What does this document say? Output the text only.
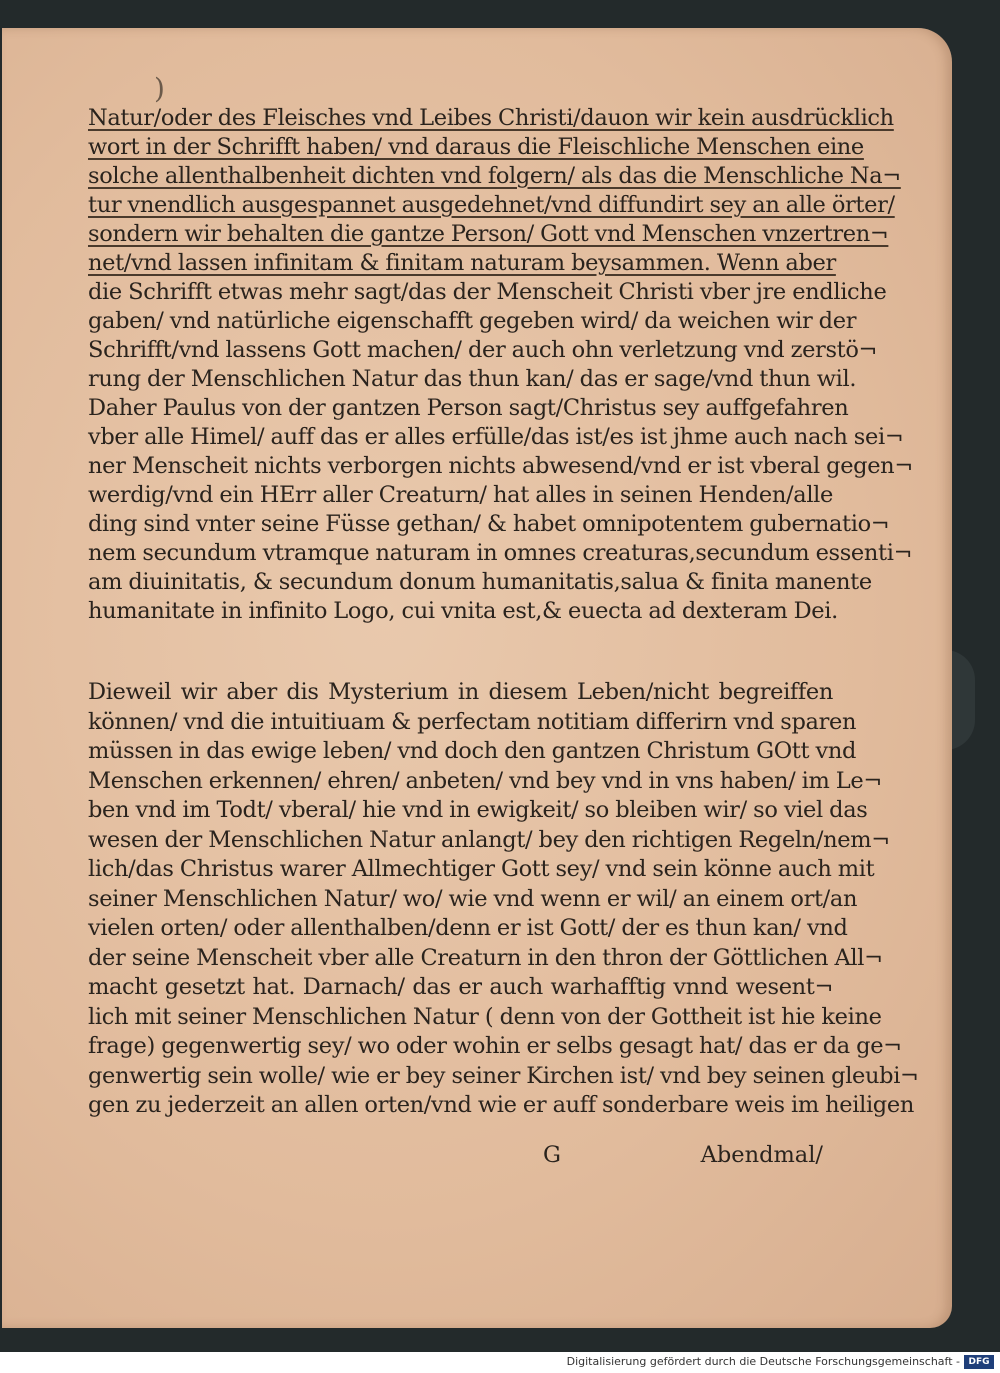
)
Natur/oder des Fleisches vnd Leibes Christi/dauon wir kein ausdrücklich
wort in der Schrifft haben/ vnd daraus die Fleischliche Menschen eine
solche allenthalbenheit dichten vnd folgern/ als das die Menschliche Na¬
tur vnendlich ausgespannet ausgedehnet/vnd diffundirt sey an alle örter/
sondern wir behalten die gantze Person/ Gott vnd Menschen vnzertren¬
net/vnd lassen infinitam & finitam naturam beysammen. Wenn aber
die Schrifft etwas mehr sagt/das der Menscheit Christi vber jre endliche
gaben/ vnd natürliche eigenschafft gegeben wird/ da weichen wir der
Schrifft/vnd lassens Gott machen/ der auch ohn verletzung vnd zerstö¬
rung der Menschlichen Natur das thun kan/ das er sage/vnd thun wil.
Daher Paulus von der gantzen Person sagt/Christus sey auffgefahren
vber alle Himel/ auff das er alles erfülle/das ist/es ist jhme auch nach sei¬
ner Menscheit nichts verborgen nichts abwesend/vnd er ist vberal gegen¬
werdig/vnd ein HErr aller Creaturn/ hat alles in seinen Henden/alle
ding sind vnter seine Füsse gethan/ & habet omnipotentem gubernatio¬
nem secundum vtramque naturam in omnes creaturas,secundum essenti¬
am diuinitatis, & secundum donum humanitatis,salua & finita manente
humanitate in infinito Logo, cui vnita est,& euecta ad dexteram Dei.
Dieweil wir aber dis Mysterium in diesem Leben/nicht begreiffen
können/ vnd die intuitiuam & perfectam notitiam differirn vnd sparen
müssen in das ewige leben/ vnd doch den gantzen Christum GOtt vnd
Menschen erkennen/ ehren/ anbeten/ vnd bey vnd in vns haben/ im Le¬
ben vnd im Todt/ vberal/ hie vnd in ewigkeit/ so bleiben wir/ so viel das
wesen der Menschlichen Natur anlangt/ bey den richtigen Regeln/nem¬
lich/das Christus warer Allmechtiger Gott sey/ vnd sein könne auch mit
seiner Menschlichen Natur/ wo/ wie vnd wenn er wil/ an einem ort/an
vielen orten/ oder allenthalben/denn er ist Gott/ der es thun kan/ vnd
der seine Menscheit vber alle Creaturn in den thron der Göttlichen All¬
macht gesetzt hat. Darnach/ das er auch warhafftig vnnd wesent¬
lich mit seiner Menschlichen Natur ( denn von der Gottheit ist hie keine
frage) gegenwertig sey/ wo oder wohin er selbs gesagt hat/ das er da ge¬
genwertig sein wolle/ wie er bey seiner Kirchen ist/ vnd bey seinen gleubi¬
gen zu jederzeit an allen orten/vnd wie er auff sonderbare weis im heiligen
G	Abendmal/
Digitalisierung gefördert durch die Deutsche Forschungsgemeinschaft - DFG
